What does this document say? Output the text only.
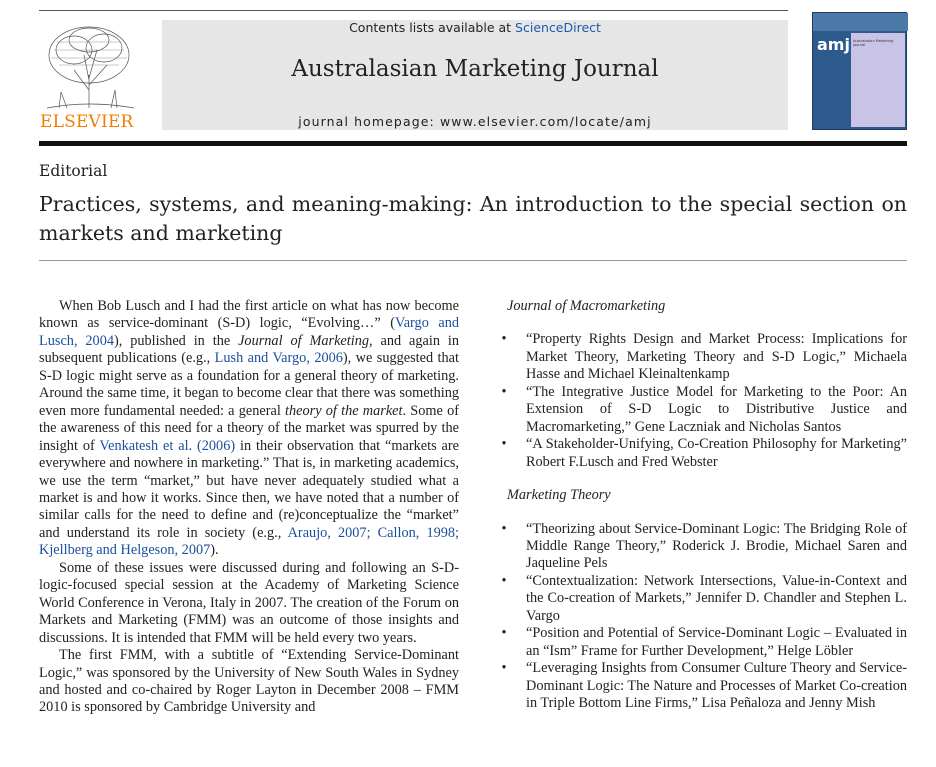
ELSEVIER
Contents lists available at ScienceDirect
Australasian Marketing Journal
journal homepage: www.elsevier.com/locate/amj
amj Australasian Marketing Journal
Editorial
Practices, systems, and meaning-making: An introduction to the special section on markets and marketing

When Bob Lusch and I had the first article on what has now become known as service-dominant (S-D) logic, “Evolving…” (Vargo and Lusch, 2004), published in the Journal of Marketing, and again in subsequent publications (e.g., Lush and Vargo, 2006), we suggested that S-D logic might serve as a foundation for a general theory of marketing. Around the same time, it began to become clear that there was something even more fundamental needed: a general theory of the market. Some of the awareness of this need for a theory of the market was spurred by the insight of Venkatesh et al. (2006) in their observation that “markets are everywhere and nowhere in marketing.” That is, in marketing academics, we use the term “market,” but have never adequately studied what a market is and how it works. Since then, we have noted that a number of similar calls for the need to define and (re)conceptualize the “market” and understand its role in society (e.g., Araujo, 2007; Callon, 1998; Kjellberg and Helgeson, 2007).

Some of these issues were discussed during and following an S-D-logic-focused special session at the Academy of Marketing Science World Conference in Verona, Italy in 2007. The creation of the Forum on Markets and Marketing (FMM) was an outcome of those insights and discussions. It is intended that FMM will be held every two years.

The first FMM, with a subtitle of “Extending Service-Dominant Logic,” was sponsored by the University of New South Wales in Sydney and hosted and co-chaired by Roger Layton in December 2008 – FMM 2010 is sponsored by Cambridge University and

Journal of Macromarketing
• “Property Rights Design and Market Process: Implications for Market Theory, Marketing Theory and S-D Logic,” Michaela Hasse and Michael Kleinaltenkamp
• “The Integrative Justice Model for Marketing to the Poor: An Extension of S-D Logic to Distributive Justice and Macromarketing,” Gene Laczniak and Nicholas Santos
• “A Stakeholder-Unifying, Co-Creation Philosophy for Marketing” Robert F.Lusch and Fred Webster
Marketing Theory
• “Theorizing about Service-Dominant Logic: The Bridging Role of Middle Range Theory,” Roderick J. Brodie, Michael Saren and Jaqueline Pels
• “Contextualization: Network Intersections, Value-in-Context and the Co-creation of Markets,” Jennifer D. Chandler and Stephen L. Vargo
• “Position and Potential of Service-Dominant Logic – Evaluated in an “Ism” Frame for Further Development,” Helge Löbler
• “Leveraging Insights from Consumer Culture Theory and Service-Dominant Logic: The Nature and Processes of Market Co-creation in Triple Bottom Line Firms,” Lisa Peñaloza and Jenny Mish
